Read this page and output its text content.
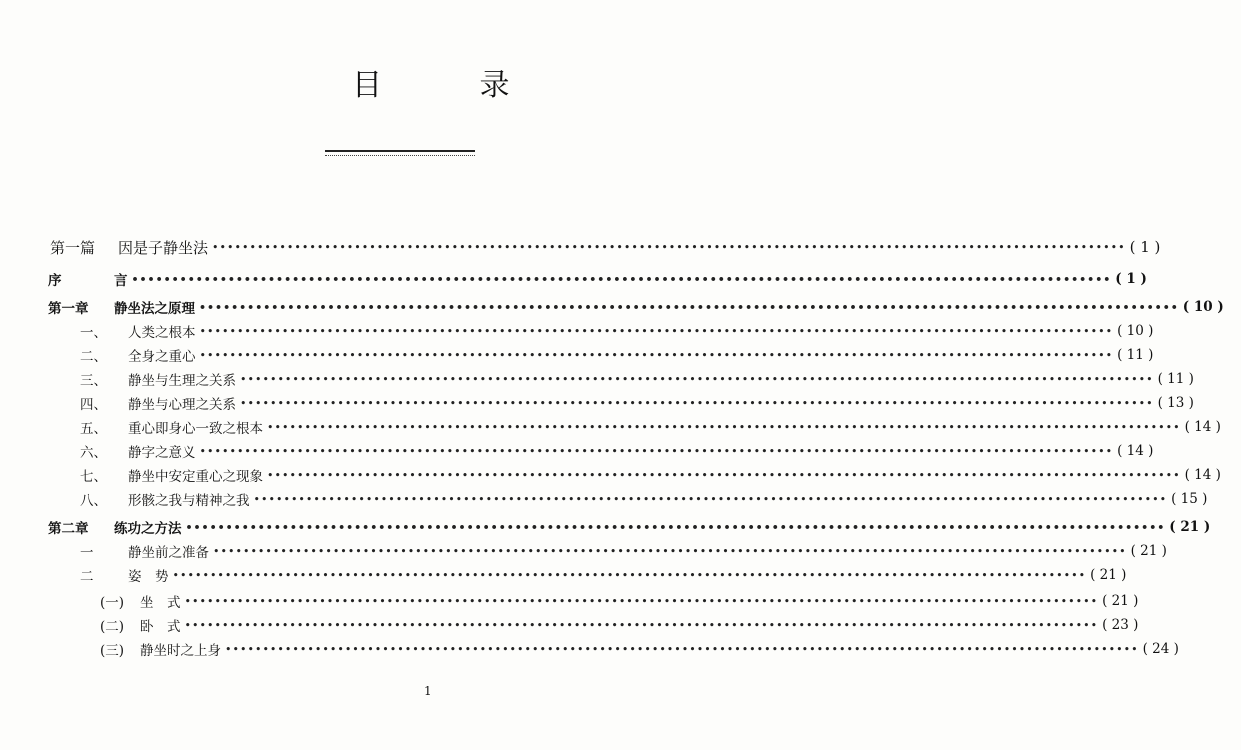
目 录
第一篇	因是子静坐法 •••••	( 1 )
序	言 •••••	( 1 )
第一章	静坐法之原理 •••••	( 10 )
一、	人类之根本 •••••	( 10 )
二、	全身之重心 •••••	( 11 )
三、	静坐与生理之关系 •••••	( 11 )
四、	静坐与心理之关系 •••••	( 13 )
五、	重心即身心一致之根本 •••••	( 14 )
六、	静字之意义 •••••	( 14 )
七、	静坐中安定重心之现象 •••••	( 14 )
八、	形骸之我与精神之我 •••••	( 15 )
第二章	练功之方法 •••••	( 21 )
一	静坐前之准备 •••••	( 21 )
二	姿　势 •••••	( 21 )
(一)	坐　式 •••••	( 21 )
(二)	卧　式 •••••	( 23 )
(三)	静坐时之上身 •••••	( 24 )
1
